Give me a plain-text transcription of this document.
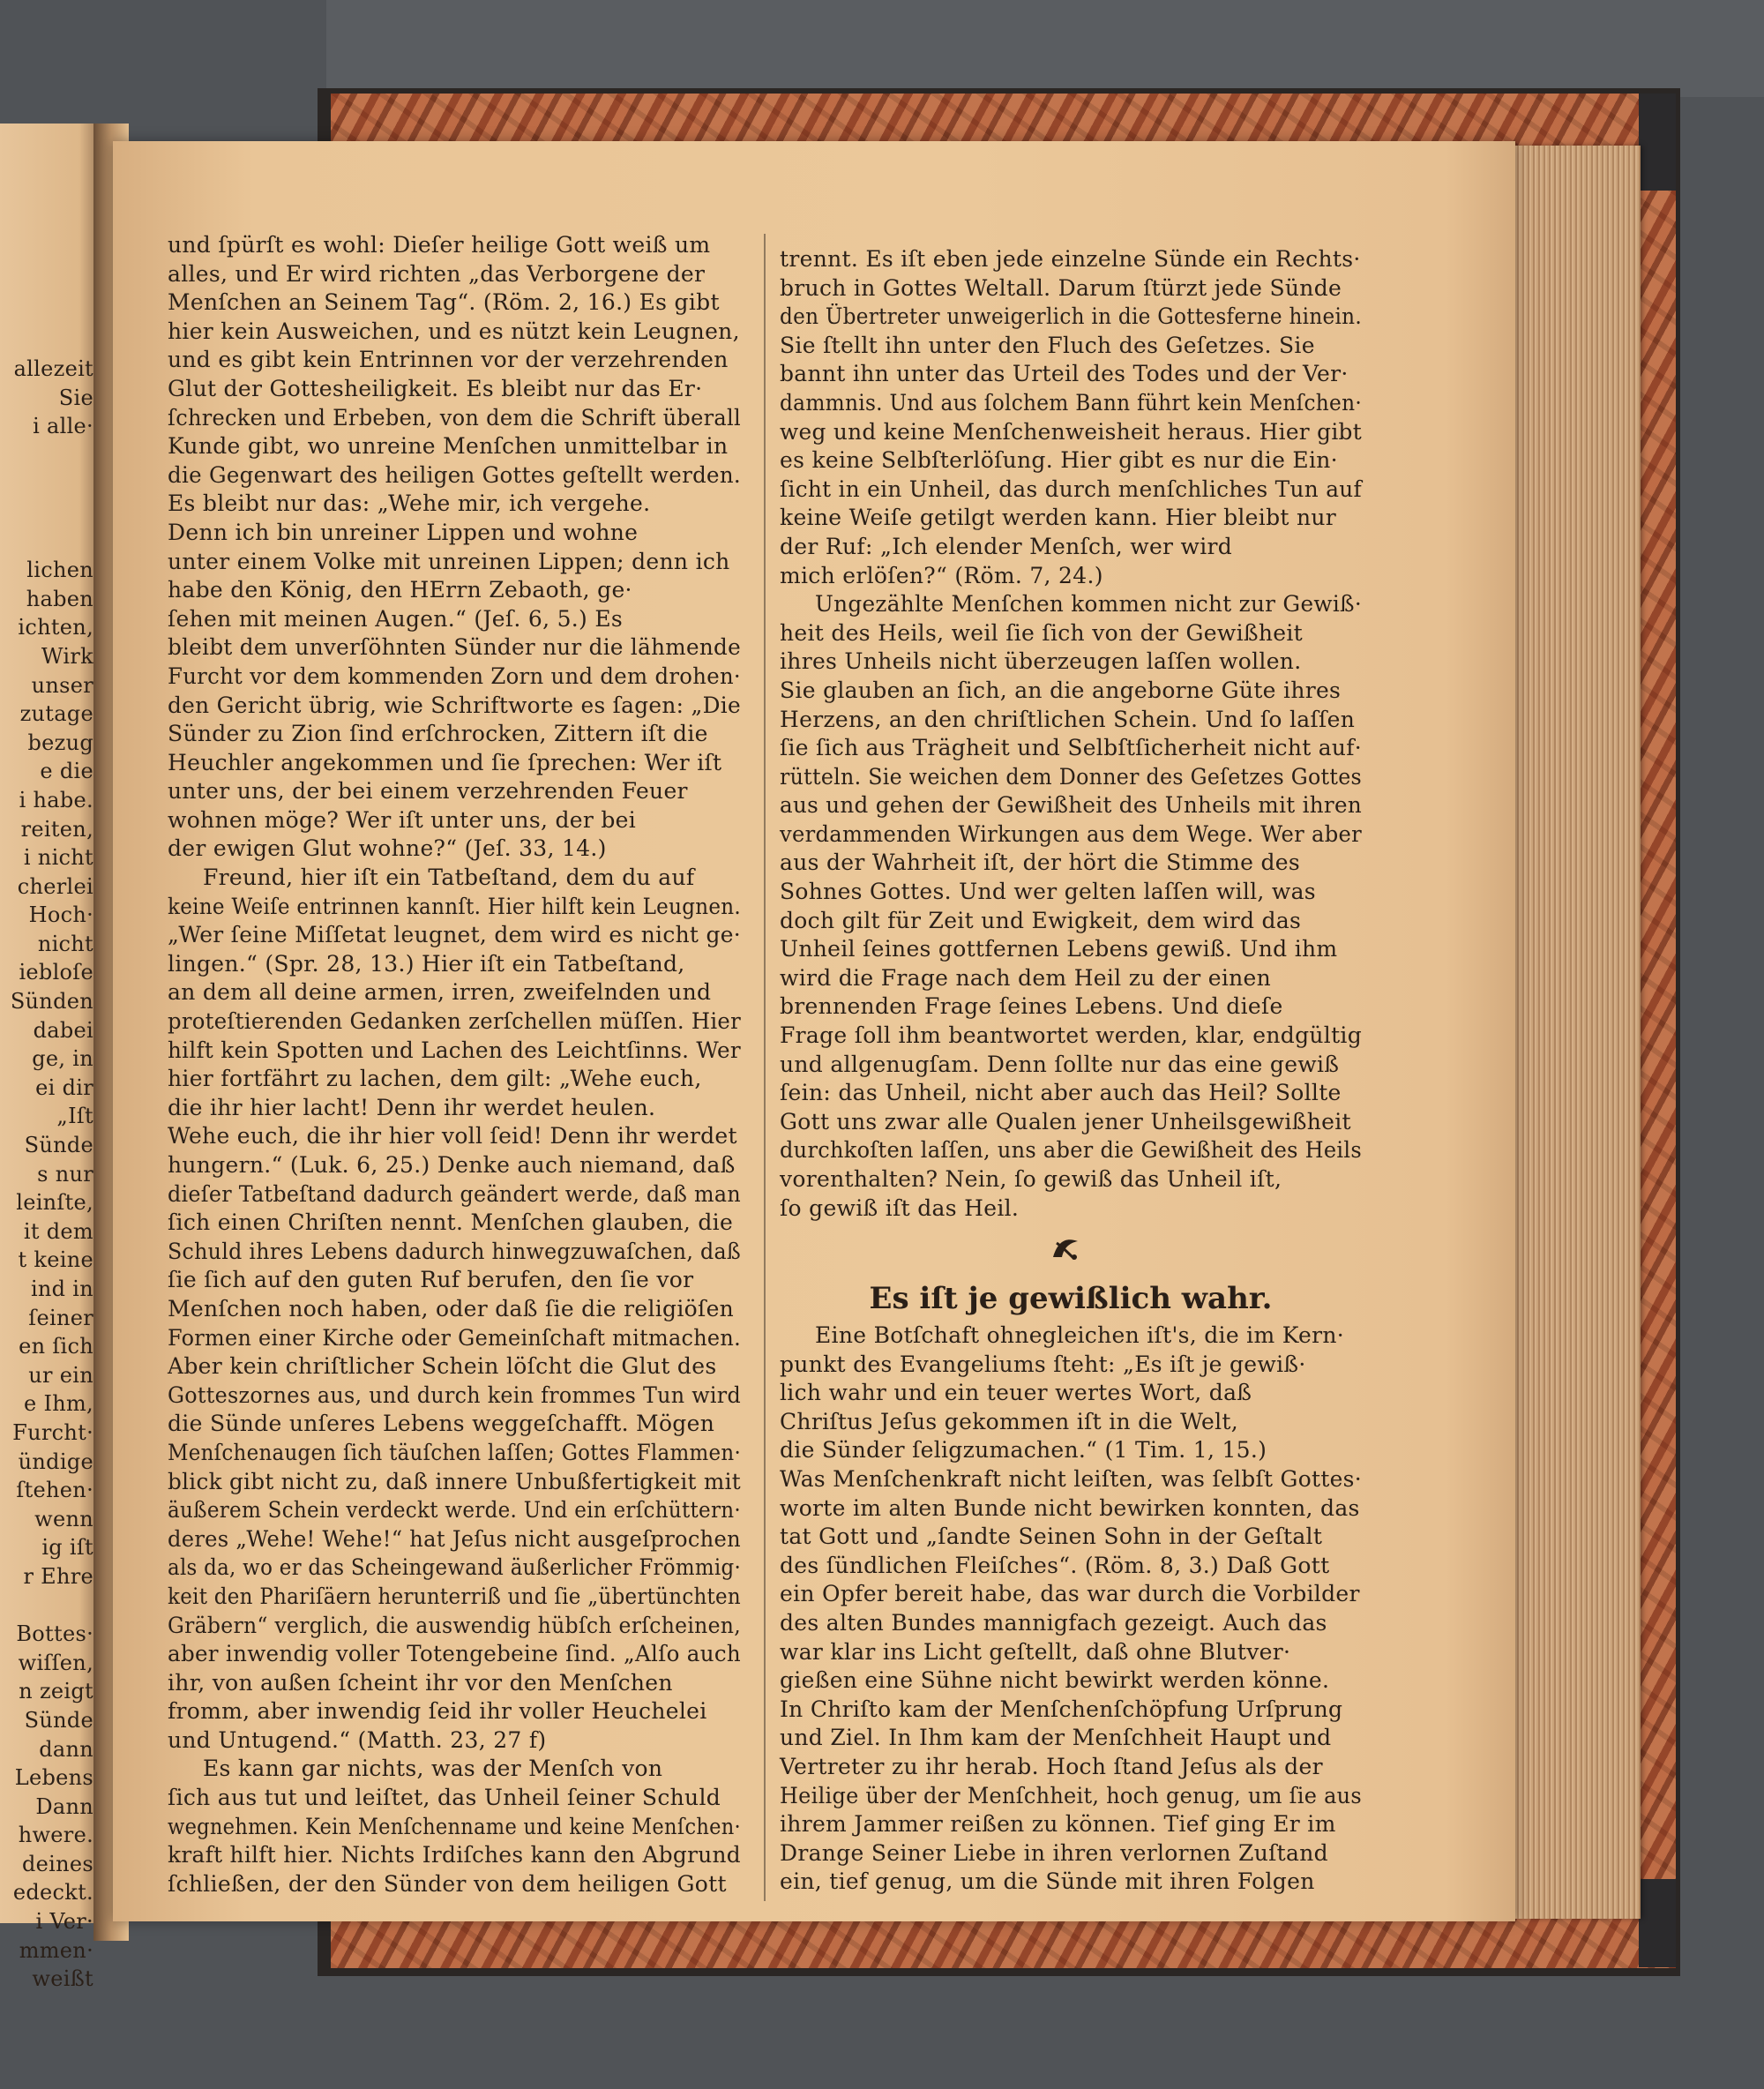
allezeit
Sie
i alle·
lichen
haben
ichten,
Wirk
unser
zutage
bezug
e die
i habe.
reiten,
i nicht
cherlei
Hoch·
nicht
iebloſe
Sünden
dabei
ge, in
ei dir
„Iſt
Sünde
s nur
leinſte,
it dem
t keine
ind in
ſeiner
en ſich
ur ein
e Ihm,
Furcht·
ündige
ſtehen·
wenn
ig iſt
r Ehre
Bottes·
wiſſen,
n zeigt
Sünde
dann
Lebens
Dann
hwere.
deines
edeckt.
i Ver·
mmen·
weißt
und ſpürſt es wohl: Dieſer heilige Gott weiß um
alles, und Er wird richten „das Verborgene der
Menſchen an Seinem Tag“. (Röm. 2, 16.) Es gibt
hier kein Ausweichen, und es nützt kein Leugnen,
und es gibt kein Entrinnen vor der verzehrenden
Glut der Gottesheiligkeit. Es bleibt nur das Er·
ſchrecken und Erbeben, von dem die Schrift überall
Kunde gibt, wo unreine Menſchen unmittelbar in
die Gegenwart des heiligen Gottes geſtellt werden.
Es bleibt nur das: „Wehe mir, ich vergehe.
Denn ich bin unreiner Lippen und wohne
unter einem Volke mit unreinen Lippen; denn ich
habe den König, den HErrn Zebaoth, ge·
ſehen mit meinen Augen.“ (Jeſ. 6, 5.) Es
bleibt dem unverſöhnten Sünder nur die lähmende
Furcht vor dem kommenden Zorn und dem drohen·
den Gericht übrig, wie Schriftworte es ſagen: „Die
Sünder zu Zion ſind erſchrocken, Zittern iſt die
Heuchler angekommen und ſie ſprechen: Wer iſt
unter uns, der bei einem verzehrenden Feuer
wohnen möge? Wer iſt unter uns, der bei
der ewigen Glut wohne?“ (Jeſ. 33, 14.)
Freund, hier iſt ein Tatbeſtand, dem du auf
keine Weiſe entrinnen kannſt. Hier hilft kein Leugnen.
„Wer ſeine Miſſetat leugnet, dem wird es nicht ge·
lingen.“ (Spr. 28, 13.) Hier iſt ein Tatbeſtand,
an dem all deine armen, irren, zweifelnden und
proteſtierenden Gedanken zerſchellen müſſen. Hier
hilft kein Spotten und Lachen des Leichtſinns. Wer
hier fortfährt zu lachen, dem gilt: „Wehe euch,
die ihr hier lacht! Denn ihr werdet heulen.
Wehe euch, die ihr hier voll ſeid! Denn ihr werdet
hungern.“ (Luk. 6, 25.) Denke auch niemand, daß
dieſer Tatbeſtand dadurch geändert werde, daß man
ſich einen Chriſten nennt. Menſchen glauben, die
Schuld ihres Lebens dadurch hinwegzuwaſchen, daß
ſie ſich auf den guten Ruf berufen, den ſie vor
Menſchen noch haben, oder daß ſie die religiöſen
Formen einer Kirche oder Gemeinſchaft mitmachen.
Aber kein chriſtlicher Schein löſcht die Glut des
Gotteszornes aus, und durch kein frommes Tun wird
die Sünde unſeres Lebens weggeſchafft. Mögen
Menſchenaugen ſich täuſchen laſſen; Gottes Flammen·
blick gibt nicht zu, daß innere Unbußfertigkeit mit
äußerem Schein verdeckt werde. Und ein erſchüttern·
deres „Wehe! Wehe!“ hat Jeſus nicht ausgeſprochen
als da, wo er das Scheingewand äußerlicher Frömmig·
keit den Phariſäern herunterriß und ſie „übertünchten
Gräbern“ verglich, die auswendig hübſch erſcheinen,
aber inwendig voller Totengebeine ſind. „Alſo auch
ihr, von außen ſcheint ihr vor den Menſchen
fromm, aber inwendig ſeid ihr voller Heuchelei
und Untugend.“ (Matth. 23, 27 f)
Es kann gar nichts, was der Menſch von
ſich aus tut und leiſtet, das Unheil ſeiner Schuld
wegnehmen. Kein Menſchenname und keine Menſchen·
kraft hilft hier. Nichts Irdiſches kann den Abgrund
ſchließen, der den Sünder von dem heiligen Gott
trennt. Es iſt eben jede einzelne Sünde ein Rechts·
bruch in Gottes Weltall. Darum ſtürzt jede Sünde
den Übertreter unweigerlich in die Gottesferne hinein.
Sie ſtellt ihn unter den Fluch des Geſetzes. Sie
bannt ihn unter das Urteil des Todes und der Ver·
dammnis. Und aus ſolchem Bann führt kein Menſchen·
weg und keine Menſchenweisheit heraus. Hier gibt
es keine Selbſterlöſung. Hier gibt es nur die Ein·
ſicht in ein Unheil, das durch menſchliches Tun auf
keine Weiſe getilgt werden kann. Hier bleibt nur
der Ruf: „Ich elender Menſch, wer wird
mich erlöſen?“ (Röm. 7, 24.)
Ungezählte Menſchen kommen nicht zur Gewiß·
heit des Heils, weil ſie ſich von der Gewißheit
ihres Unheils nicht überzeugen laſſen wollen.
Sie glauben an ſich, an die angeborne Güte ihres
Herzens, an den chriſtlichen Schein. Und ſo laſſen
ſie ſich aus Trägheit und Selbſtſicherheit nicht auf·
rütteln. Sie weichen dem Donner des Geſetzes Gottes
aus und gehen der Gewißheit des Unheils mit ihren
verdammenden Wirkungen aus dem Wege. Wer aber
aus der Wahrheit iſt, der hört die Stimme des
Sohnes Gottes. Und wer gelten laſſen will, was
doch gilt für Zeit und Ewigkeit, dem wird das
Unheil ſeines gottfernen Lebens gewiß. Und ihm
wird die Frage nach dem Heil zu der einen
brennenden Frage ſeines Lebens. Und dieſe
Frage ſoll ihm beantwortet werden, klar, endgültig
und allgenugſam. Denn ſollte nur das eine gewiß
ſein: das Unheil, nicht aber auch das Heil? Sollte
Gott uns zwar alle Qualen jener Unheilsgewißheit
durchkoſten laſſen, uns aber die Gewißheit des Heils
vorenthalten? Nein, ſo gewiß das Unheil iſt,
ſo gewiß iſt das Heil.
Es iſt je gewißlich wahr.
Eine Botſchaft ohnegleichen iſt's, die im Kern·
punkt des Evangeliums ſteht: „Es iſt je gewiß·
lich wahr und ein teuer wertes Wort, daß
Chriſtus Jeſus gekommen iſt in die Welt,
die Sünder ſeligzumachen.“ (1 Tim. 1, 15.)
Was Menſchenkraft nicht leiſten, was ſelbſt Gottes·
worte im alten Bunde nicht bewirken konnten, das
tat Gott und „ſandte Seinen Sohn in der Geſtalt
des ſündlichen Fleiſches“. (Röm. 8, 3.) Daß Gott
ein Opfer bereit habe, das war durch die Vorbilder
des alten Bundes mannigfach gezeigt. Auch das
war klar ins Licht geſtellt, daß ohne Blutver·
gießen eine Sühne nicht bewirkt werden könne.
In Chriſto kam der Menſchenſchöpfung Urſprung
und Ziel. In Ihm kam der Menſchheit Haupt und
Vertreter zu ihr herab. Hoch ſtand Jeſus als der
Heilige über der Menſchheit, hoch genug, um ſie aus
ihrem Jammer reißen zu können. Tief ging Er im
Drange Seiner Liebe in ihren verlornen Zuſtand
ein, tief genug, um die Sünde mit ihren Folgen
